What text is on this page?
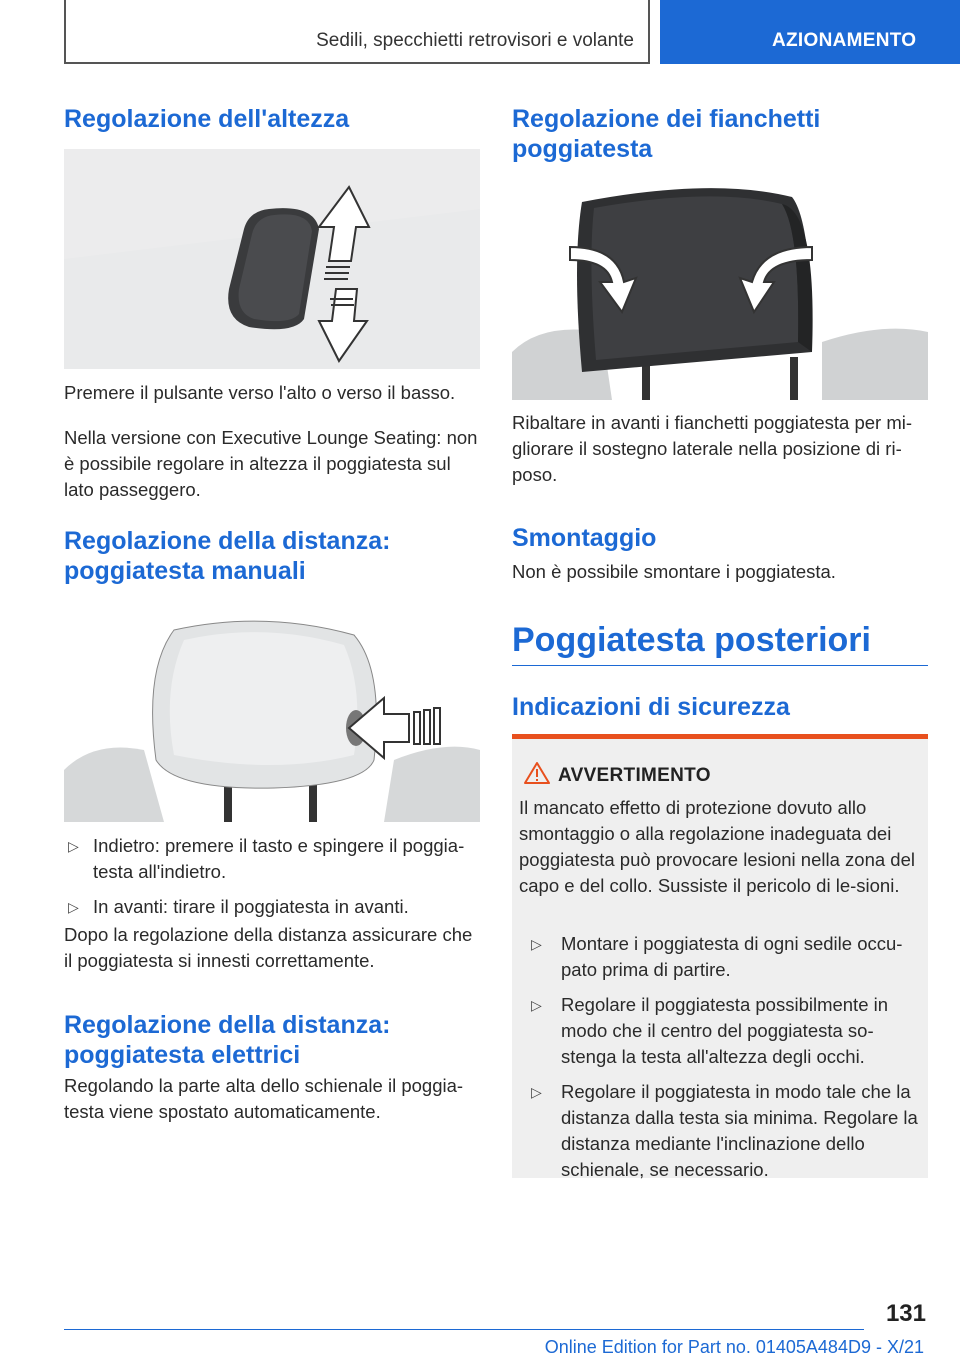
Sedili, specchietti retrovisori e volante	AZIONAMENTO
Regolazione dell'altezza

Premere il pulsante verso l'alto o verso il basso.

Nella versione con Executive Lounge Seating: non è possibile regolare in altezza il poggiatesta sul lato passeggero.

Regolazione della distanza: poggiatesta manuali
▷ Indietro: premere il tasto e spingere il poggia‐testa all'indietro.
▷ In avanti: tirare il poggiatesta in avanti.

Dopo la regolazione della distanza assicurare che il poggiatesta si innesti correttamente.

Regolazione della distanza: poggiatesta elettrici

Regolando la parte alta dello schienale il poggia‐testa viene spostato automaticamente.

Regolazione dei fianchetti poggiatesta

Ribaltare in avanti i fianchetti poggiatesta per mi‐gliorare il sostegno laterale nella posizione di ri‐poso.

Smontaggio

Non è possibile smontare i poggiatesta.

Poggiatesta posteriori
Indicazioni di sicurezza
AVVERTIMENTO
Il mancato effetto di protezione dovuto allo smontaggio o alla regolazione inadeguata dei poggiatesta può provocare lesioni nella zona del capo e del collo. Sussiste il pericolo di le‐sioni.
▷ Montare i poggiatesta di ogni sedile occu‐pato prima di partire.
▷ Regolare il poggiatesta possibilmente in modo che il centro del poggiatesta so‐stenga la testa all'altezza degli occhi.
▷ Regolare il poggiatesta in modo tale che la distanza dalla testa sia minima. Regolare la distanza mediante l'inclinazione dello schienale, se necessario.
131
Online Edition for Part no. 01405A484D9 - X/21
